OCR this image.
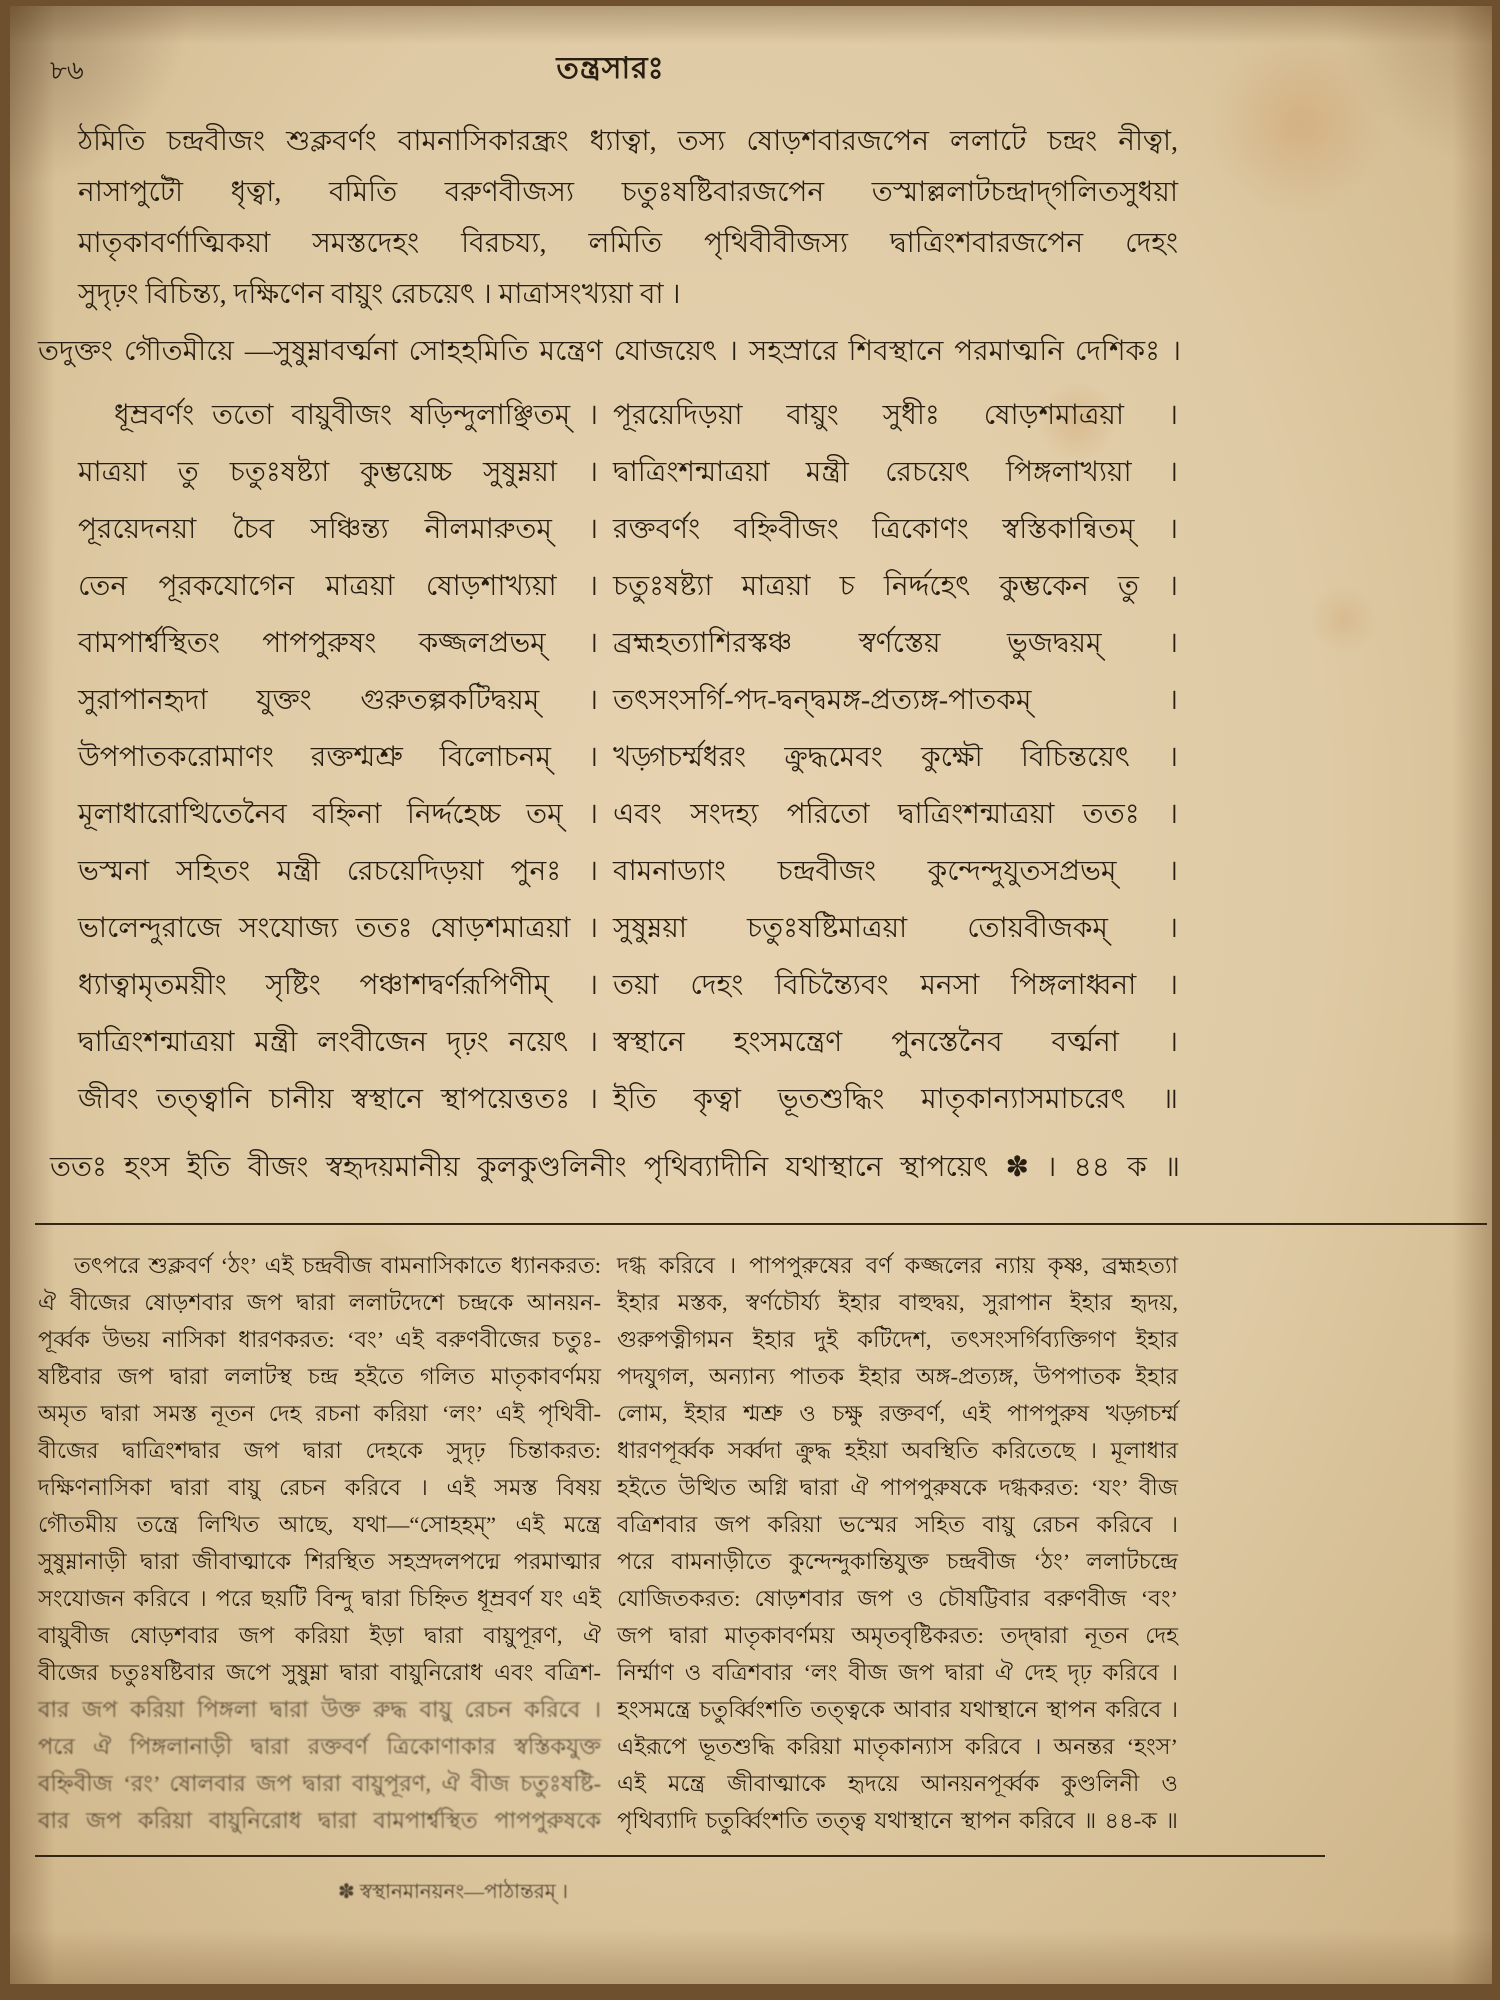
৮৬	তন্ত্রসারঃ
ঠমিতি চন্দ্রবীজং শুক্লবর্ণং বামনাসিকারন্ধ্রং ধ্যাত্বা, তস্য ষোড়শবারজপেন ললাটে চন্দ্রং নীত্বা,
নাসাপুটৌ ধৃত্বা, বমিতি বরুণবীজস্য চতুঃষষ্টিবারজপেন তস্মাল্ললাটচন্দ্রাদ্‌গলিতসুধয়া
মাতৃকাবর্ণাত্মিকয়া সমস্তদেহং বিরচয্য, লমিতি পৃথিবীবীজস্য দ্বাত্রিংশবারজপেন দেহং
সুদৃঢ়ং বিচিন্ত্য, দক্ষিণেন বায়ুং রেচয়েৎ । মাত্রাসংখ্যয়া বা ।
তদুক্তং গৌতমীয়ে —সুষুম্নাবর্ত্মনা সোহহমিতি মন্ত্রেণ যোজয়েৎ । সহস্রারে শিবস্থানে পরমাত্মনি দেশিকঃ ।
ধূম্রবর্ণং ততো বায়ুবীজং ষড়িন্দুলাঞ্ছিতম্ ।
মাত্রয়া তু চতুঃষষ্ট্যা কুম্ভয়েচ্চ সুষুম্নয়া ।
পূরয়েদনয়া চৈব সঞ্চিন্ত্য নীলমারুতম্ ।
তেন পূরকযোগেন মাত্রয়া ষোড়শাখ্যয়া ।
বামপার্শ্বস্থিতং পাপপুরুষং কজ্জলপ্রভম্ ।
সুরাপানহৃদা যুক্তং গুরুতল্পকটিদ্বয়ম্ ।
উপপাতকরোমাণং রক্তশ্মশ্রু বিলোচনম্ ।
মূলাধারোত্থিতেনৈব বহ্নিনা নির্দ্দহেচ্চ তম্ ।
ভস্মনা সহিতং মন্ত্রী রেচয়েদিড়য়া পুনঃ ।
ভালেন্দুরাজে সংযোজ্য ততঃ ষোড়শমাত্রয়া ।
ধ্যাত্বামৃতময়ীং সৃষ্টিং পঞ্চাশদ্বর্ণরূপিণীম্ ।
দ্বাত্রিংশন্মাত্রয়া মন্ত্রী লংবীজেন দৃঢ়ং নয়েৎ ।
জীবং তত্ত্বানি চানীয় স্বস্থানে স্থাপয়েত্ততঃ ।
পূরয়েদিড়য়া বায়ুং সুধীঃ ষোড়শমাত্রয়া ।
দ্বাত্রিংশন্মাত্রয়া মন্ত্রী রেচয়েৎ পিঙ্গলাখ্যয়া ।
রক্তবর্ণং বহ্নিবীজং ত্রিকোণং স্বস্তিকান্বিতম্ ।
চতুঃষষ্ট্যা মাত্রয়া চ নির্দ্দহেৎ কুম্ভকেন তু ।
ব্রহ্মহত্যাশিরস্কঞ্চ স্বর্ণস্তেয় ভুজদ্বয়ম্ ।
তৎসংসর্গি-পদ-দ্বন্দ্বমঙ্গ-প্রত্যঙ্গ-পাতকম্ ।
খড়্গচর্ম্মধরং ক্রুদ্ধমেবং কুক্ষৌ বিচিন্তয়েৎ ।
এবং সংদহ্য পরিতো দ্বাত্রিংশন্মাত্রয়া ততঃ ।
বামনাড্যাং চন্দ্রবীজং কুন্দেন্দুযুতসপ্রভম্ ।
সুষুম্নয়া চতুঃষষ্টিমাত্রয়া তোয়বীজকম্ ।
তয়া দেহং বিচিন্ত্যৈবং মনসা পিঙ্গলাধ্বনা ।
স্বস্থানে হংসমন্ত্রেণ পুনস্তেনৈব বর্ত্মনা ।
ইতি কৃত্বা ভূতশুদ্ধিং মাতৃকান্যাসমাচরেৎ ॥
ততঃ হংস ইতি বীজং স্বহৃদয়মানীয় কুলকুণ্ডলিনীং পৃথিব্যাদীনি যথাস্থানে স্থাপয়েৎ ✽ । ৪৪ ক ॥
তৎপরে শুক্লবর্ণ ‘ঠং’ এই চন্দ্রবীজ বামনাসিকাতে ধ্যানকরত:
ঐ বীজের ষোড়শবার জপ দ্বারা ললাটদেশে চন্দ্রকে আনয়ন-
পূর্ব্বক উভয় নাসিকা ধারণকরত: ‘বং’ এই বরুণবীজের চতুঃ-
ষষ্টিবার জপ দ্বারা ললাটস্থ চন্দ্র হইতে গলিত মাতৃকাবর্ণময়
অমৃত দ্বারা সমস্ত নূতন দেহ রচনা করিয়া ‘লং’ এই পৃথিবী-
বীজের দ্বাত্রিংশদ্বার জপ দ্বারা দেহকে সুদৃঢ় চিন্তাকরত:
দক্ষিণনাসিকা দ্বারা বায়ু রেচন করিবে । এই সমস্ত বিষয়
গৌতমীয় তন্ত্রে লিখিত আছে, যথা—“সোহহম্” এই মন্ত্রে
সুষুম্নানাড়ী দ্বারা জীবাত্মাকে শিরস্থিত সহস্রদলপদ্মে পরমাত্মার
সংযোজন করিবে । পরে ছয়টি বিন্দু দ্বারা চিহ্নিত ধূম্রবর্ণ যং এই
বায়ুবীজ ষোড়শবার জপ করিয়া ইড়া দ্বারা বায়ুপূরণ, ঐ
বীজের চতুঃষষ্টিবার জপে সুষুম্না দ্বারা বায়ুনিরোধ এবং বত্রিশ-
বার জপ করিয়া পিঙ্গলা দ্বারা উক্ত রুদ্ধ বায়ু রেচন করিবে ।
পরে ঐ পিঙ্গলানাড়ী দ্বারা রক্তবর্ণ ত্রিকোণাকার স্বস্তিকযুক্ত
বহ্নিবীজ ‘রং’ ষোলবার জপ দ্বারা বায়ুপূরণ, ঐ বীজ চতুঃষষ্টি-
বার জপ করিয়া বায়ুনিরোধ দ্বারা বামপার্শ্বস্থিত পাপপুরুষকে
দগ্ধ করিবে । পাপপুরুষের বর্ণ কজ্জলের ন্যায় কৃষ্ণ, ব্রহ্মহত্যা
ইহার মস্তক, স্বর্ণচৌর্য্য ইহার বাহুদ্বয়, সুরাপান ইহার হৃদয়,
গুরুপত্নীগমন ইহার দুই কটিদেশ, তৎসংসর্গিব্যক্তিগণ ইহার
পদযুগল, অন্যান্য পাতক ইহার অঙ্গ-প্রত্যঙ্গ, উপপাতক ইহার
লোম, ইহার শ্মশ্রু ও চক্ষু রক্তবর্ণ, এই পাপপুরুষ খড়্গচর্ম্ম
ধারণপূর্ব্বক সর্ব্বদা ক্রুদ্ধ হইয়া অবস্থিতি করিতেছে । মূলাধার
হইতে উত্থিত অগ্নি দ্বারা ঐ পাপপুরুষকে দগ্ধকরত: ‘যং’ বীজ
বত্রিশবার জপ করিয়া ভস্মের সহিত বায়ু রেচন করিবে ।
পরে বামনাড়ীতে কুন্দেন্দুকান্তিযুক্ত চন্দ্রবীজ ‘ঠং’ ললাটচন্দ্রে
যোজিতকরত: ষোড়শবার জপ ও চৌষট্টিবার বরুণবীজ ‘বং’
জপ দ্বারা মাতৃকাবর্ণময় অমৃতবৃষ্টিকরত: তদ্দ্বারা নূতন দেহ
নির্ম্মাণ ও বত্রিশবার ‘লং বীজ জপ দ্বারা ঐ দেহ দৃঢ় করিবে ।
হংসমন্ত্রে চতুর্ব্বিংশতি তত্ত্বকে আবার যথাস্থানে স্থাপন করিবে ।
এইরূপে ভূতশুদ্ধি করিয়া মাতৃকান্যাস করিবে । অনন্তর ‘হংস’
এই মন্ত্রে জীবাত্মাকে হৃদয়ে আনয়নপূর্ব্বক কুণ্ডলিনী ও
পৃথিব্যাদি চতুর্ব্বিংশতি তত্ত্ব যথাস্থানে স্থাপন করিবে ॥ ৪৪-ক ॥
✽ স্বস্থানমানয়নং—পাঠান্তরম্ ।
